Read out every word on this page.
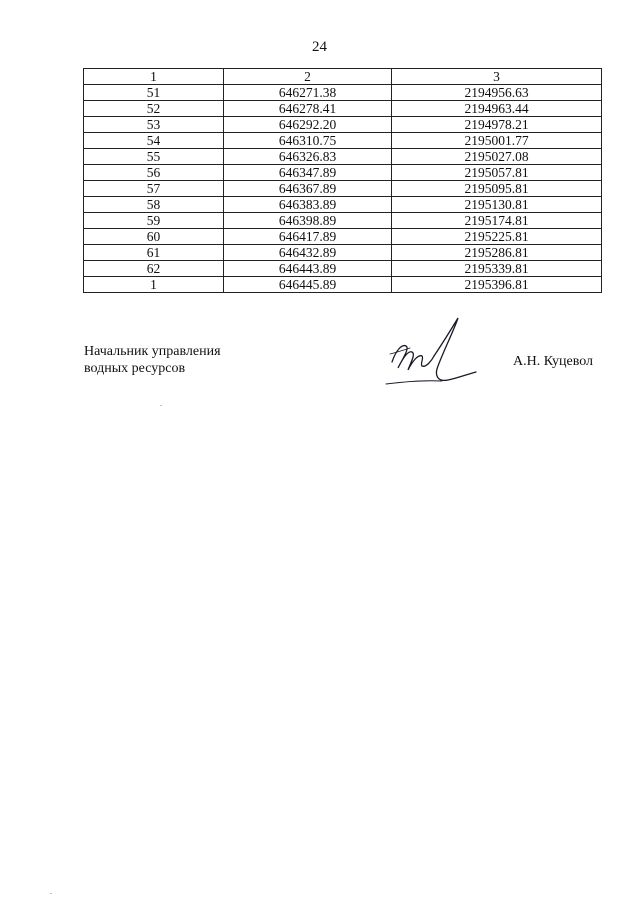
24
1	2	3
51	646271.38	2194956.63
52	646278.41	2194963.44
53	646292.20	2194978.21
54	646310.75	2195001.77
55	646326.83	2195027.08
56	646347.89	2195057.81
57	646367.89	2195095.81
58	646383.89	2195130.81
59	646398.89	2195174.81
60	646417.89	2195225.81
61	646432.89	2195286.81
62	646443.89	2195339.81
1	646445.89	2195396.81
Начальник управления
водных ресурсов	А.Н. Куцевол
